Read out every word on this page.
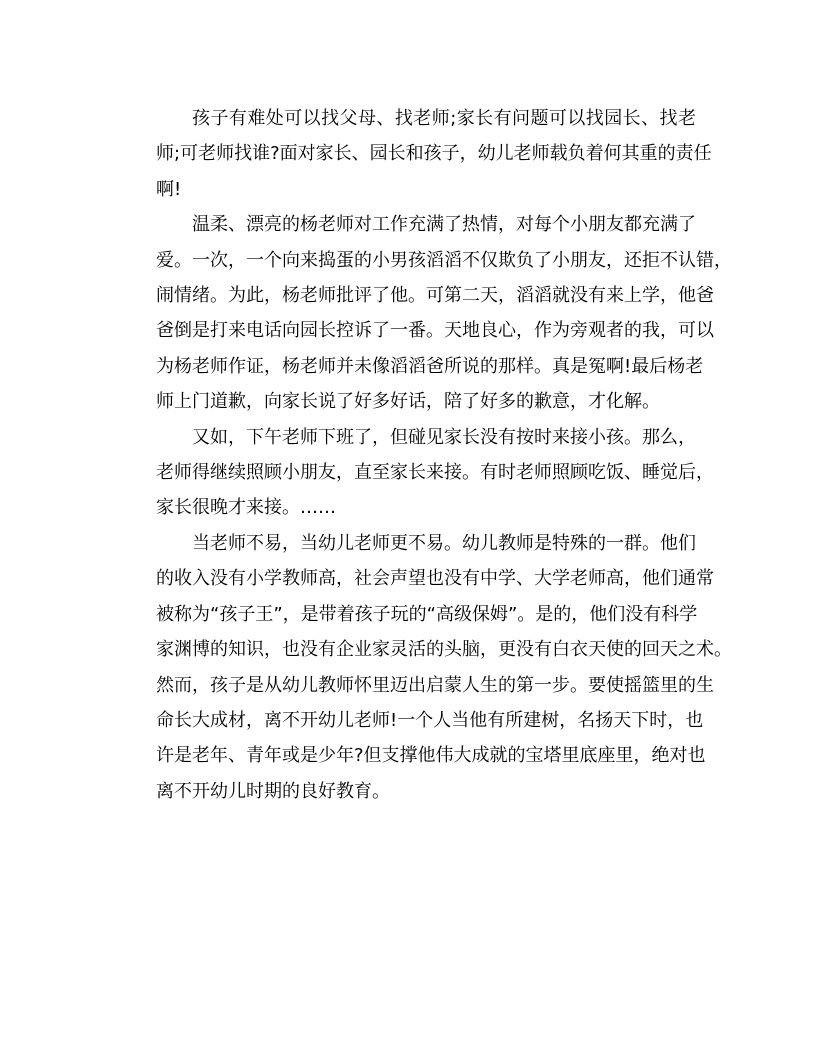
孩子有难处可以找父母、找老师;家长有问题可以找园长、找老
师;可老师找谁?面对家长、园长和孩子，幼儿老师载负着何其重的责任
啊!
温柔、漂亮的杨老师对工作充满了热情，对每个小朋友都充满了
爱。一次，一个向来捣蛋的小男孩滔滔不仅欺负了小朋友，还拒不认错，
闹情绪。为此，杨老师批评了他。可第二天，滔滔就没有来上学，他爸
爸倒是打来电话向园长控诉了一番。天地良心，作为旁观者的我，可以
为杨老师作证，杨老师并未像滔滔爸所说的那样。真是冤啊!最后杨老
师上门道歉，向家长说了好多好话，陪了好多的歉意，才化解。
又如，下午老师下班了，但碰见家长没有按时来接小孩。那么，
老师得继续照顾小朋友，直至家长来接。有时老师照顾吃饭、睡觉后，
家长很晚才来接。……
当老师不易，当幼儿老师更不易。幼儿教师是特殊的一群。他们
的收入没有小学教师高，社会声望也没有中学、大学老师高，他们通常
被称为“孩子王”，是带着孩子玩的“高级保姆”。是的，他们没有科学
家渊博的知识，也没有企业家灵活的头脑，更没有白衣天使的回天之术。
然而，孩子是从幼儿教师怀里迈出启蒙人生的第一步。要使摇篮里的生
命长大成材，离不开幼儿老师!一个人当他有所建树，名扬天下时，也
许是老年、青年或是少年?但支撑他伟大成就的宝塔里底座里，绝对也
离不开幼儿时期的良好教育。
